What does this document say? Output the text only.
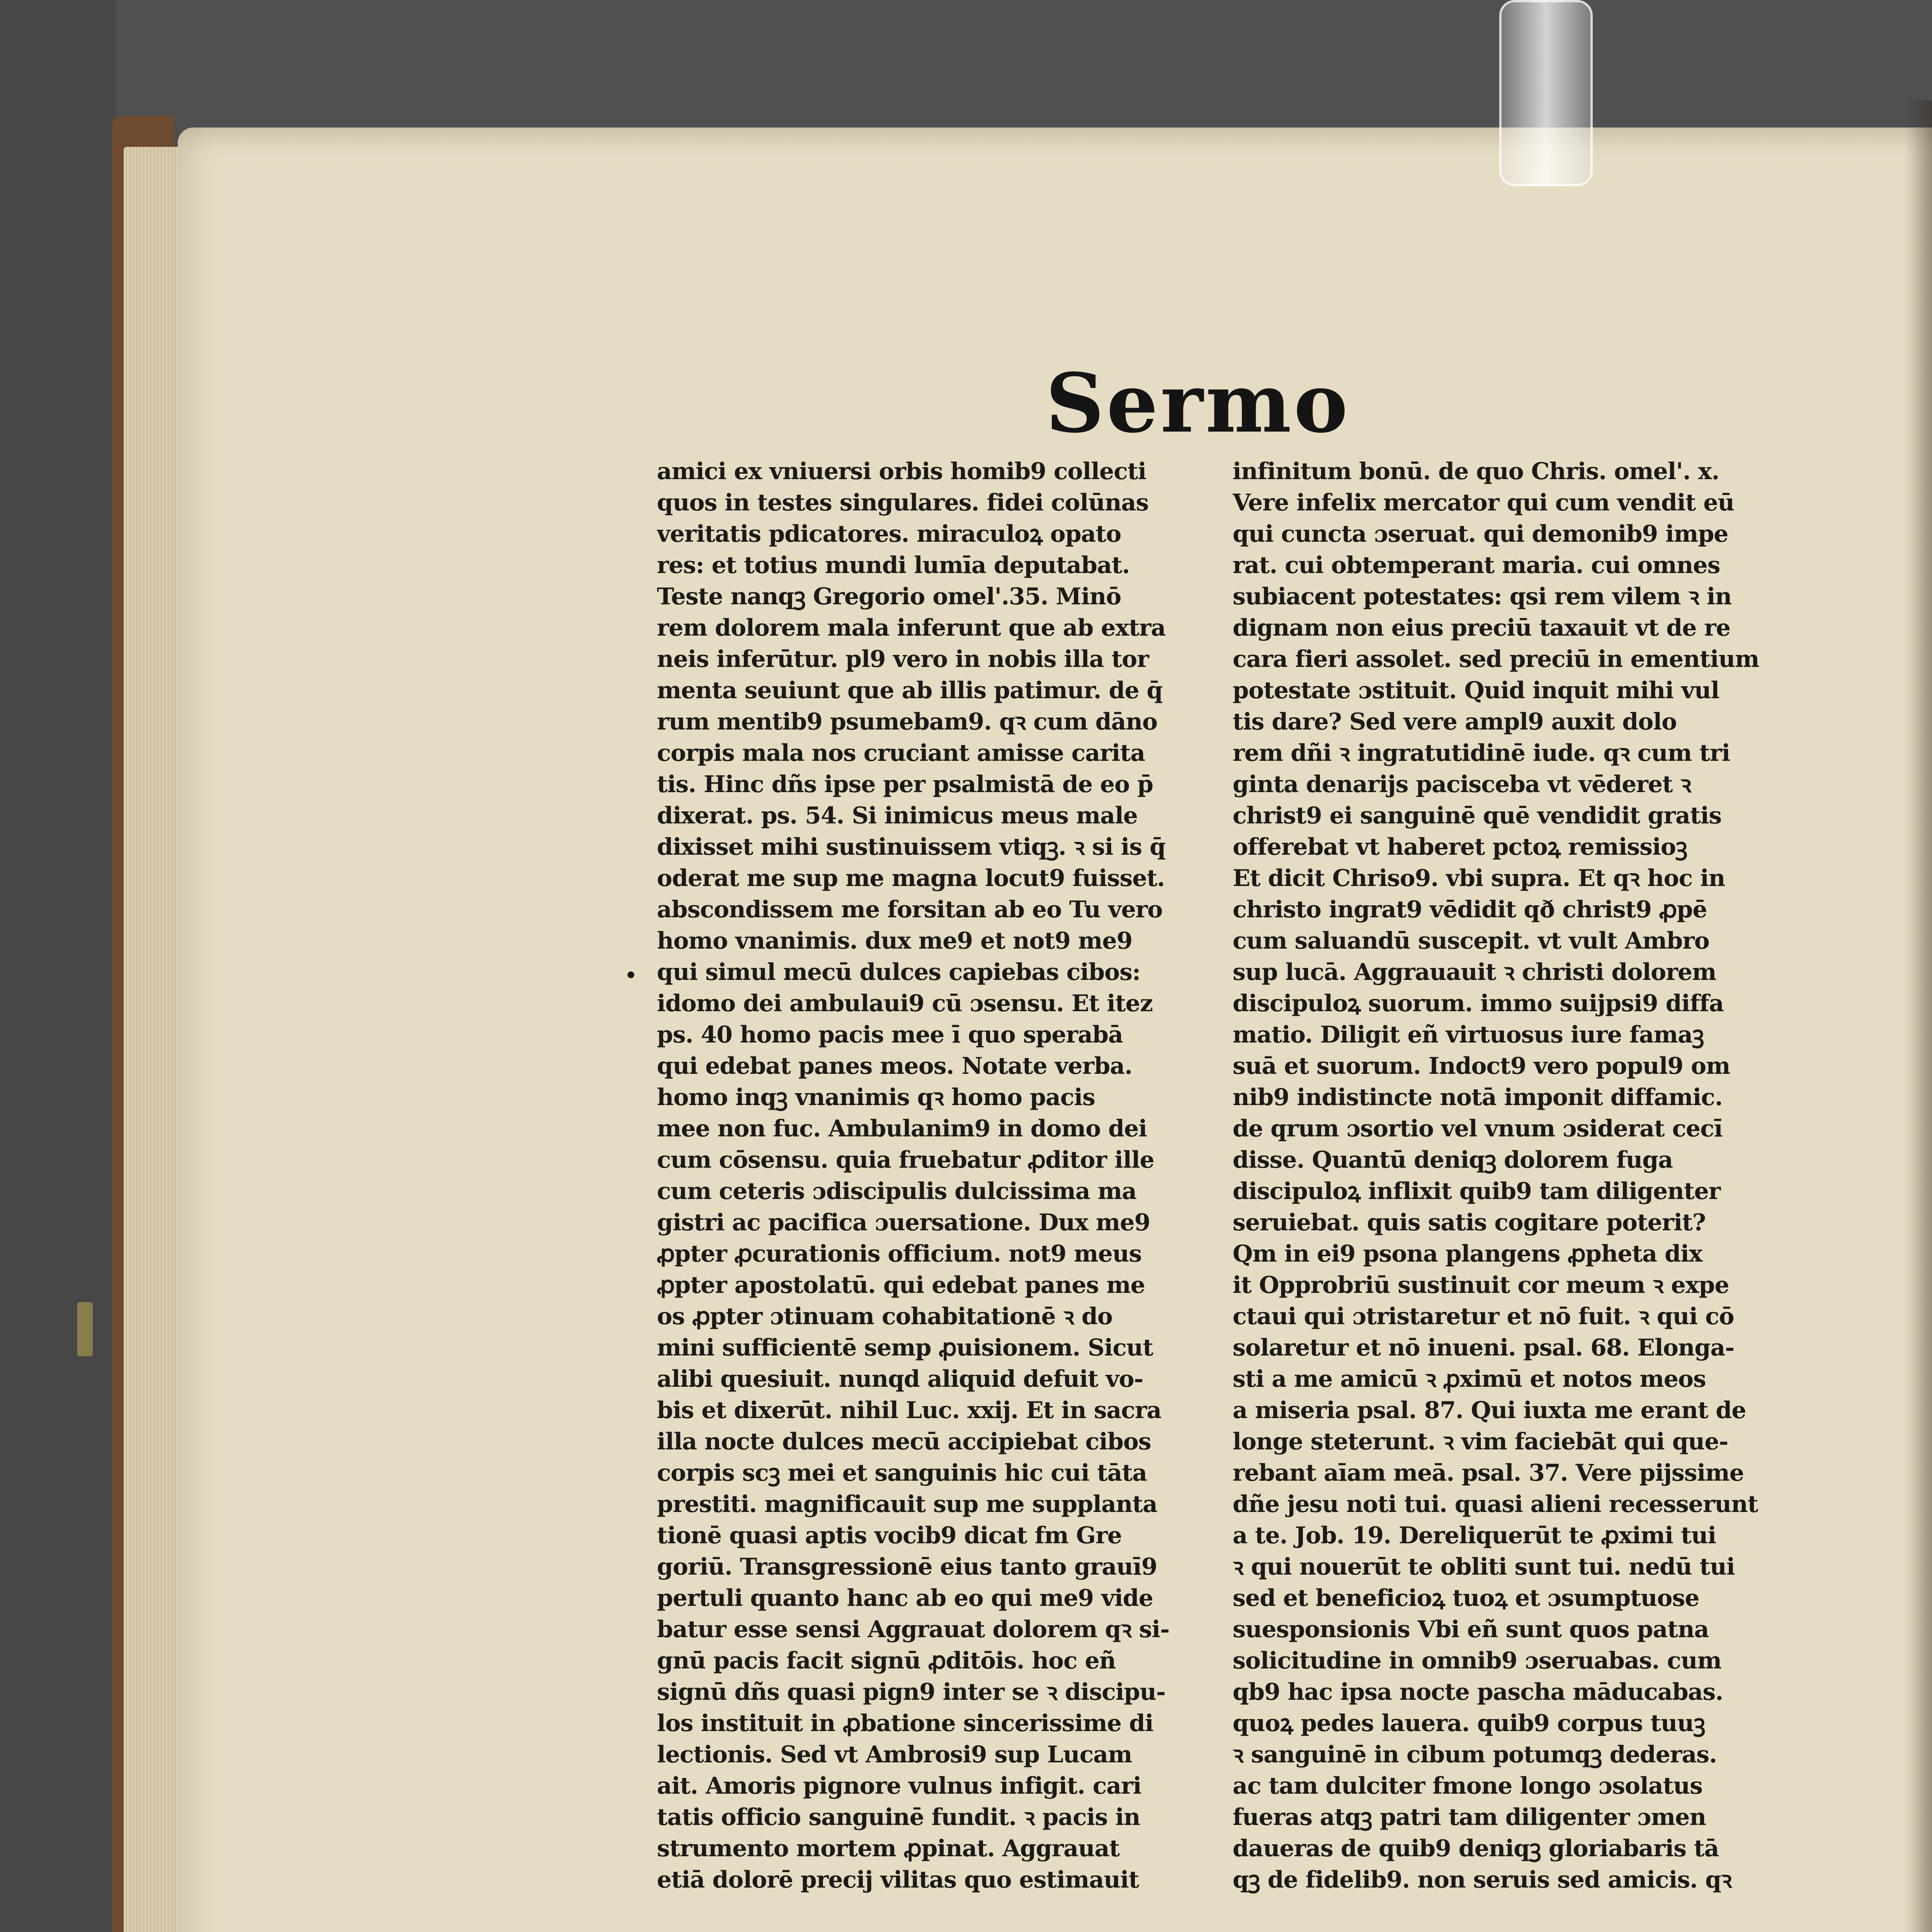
Sermo
•
amici ex vniuersi orbis homib9 collecti
quos in testes singulares. fidei colūnas
veritatis pdicatores. miraculoꝝ opato
res: et totius mundi lumīa deputabat.
Teste nanqꝫ Gregorio omel'.35. Minō
rem dolorem mala inferunt que ab extra
neis inferūtur. pl9 vero in nobis illa tor
menta seuiunt que ab illis patimur. de q̄
rum mentib9 psumebam9. qꝛ cum dāno
corpis mala nos cruciant amisse carita
tis. Hinc dñs ipse per psalmistā de eo p̄
dixerat. ps. 54. Si inimicus meus male
dixisset mihi sustinuissem vtiqꝫ. ꝛ si is q̄
oderat me sup me magna locut9 fuisset.
abscondissem me forsitan ab eo Tu vero
homo vnanimis. dux me9 et not9 me9
qui simul mecū dulces capiebas cibos:
idomo dei ambulaui9 cū ɔsensu. Et itez
ps. 40 homo pacis mee ī quo sperabā
qui edebat panes meos. Notate verba.
homo inqꝫ vnanimis qꝛ homo pacis
mee non fuc. Ambulanim9 in domo dei
cum cōsensu. quia fruebatur ꝓditor ille
cum ceteris ɔdiscipulis dulcissima ma
gistri ac pacifica ɔuersatione. Dux me9
ꝓpter ꝓcurationis officium. not9 meus
ꝓpter apostolatū. qui edebat panes me
os ꝓpter ɔtinuam cohabitationē ꝛ do
mini sufficientē semp ꝓuisionem. Sicut
alibi quesiuit. nunqd aliquid defuit vo-
bis et dixerūt. nihil Luc. xxij. Et in sacra
illa nocte dulces mecū accipiebat cibos
corpis scꝫ mei et sanguinis hic cui tāta
prestiti. magnificauit sup me supplanta
tionē quasi aptis vocib9 dicat fm Gre
goriū. Transgressionē eius tanto grauī9
pertuli quanto hanc ab eo qui me9 vide
batur esse sensi Aggrauat dolorem qꝛ si-
gnū pacis facit signū ꝓditōis. hoc eñ
signū dñs quasi pign9 inter se ꝛ discipu-
los instituit in ꝓbatione sincerissime di
lectionis. Sed vt Ambrosi9 sup Lucam
ait. Amoris pignore vulnus infigit. cari
tatis officio sanguinē fundit. ꝛ pacis in
strumento mortem ꝓpinat. Aggrauat
etiā dolorē precij vilitas quo estimauit
infinitum bonū. de quo Chris. omel'. x.
Vere infelix mercator qui cum vendit eū
qui cuncta ɔseruat. qui demonib9 impe
rat. cui obtemperant maria. cui omnes
subiacent potestates: qsi rem vilem ꝛ in
dignam non eius preciū taxauit vt de re
cara fieri assolet. sed preciū in ementium
potestate ɔstituit. Quid inquit mihi vul
tis dare? Sed vere ampl9 auxit dolo
rem dñi ꝛ ingratutidinē iude. qꝛ cum tri
ginta denarijs pacisceba vt vēderet ꝛ
christ9 ei sanguinē quē vendidit gratis
offerebat vt haberet pctoꝝ remissioꝫ
Et dicit Chriso9. vbi supra. Et qꝛ hoc in
christo ingrat9 vēdidit qð christ9 ꝓpē
cum saluandū suscepit. vt vult Ambro
sup lucā. Aggrauauit ꝛ christi dolorem
discipuloꝝ suorum. immo suijpsi9 diffa
matio. Diligit eñ virtuosus iure famaꝫ
suā et suorum. Indoct9 vero popul9 om
nib9 indistincte notā imponit diffamic.
de qrum ɔsortio vel vnum ɔsiderat cecī
disse. Quantū deniqꝫ dolorem fuga
discipuloꝝ inflixit quib9 tam diligenter
seruiebat. quis satis cogitare poterit?
Qm in ei9 psona plangens ꝓpheta dix
it Opprobriū sustinuit cor meum ꝛ expe
ctaui qui ɔtristaretur et nō fuit. ꝛ qui cō
solaretur et nō inueni. psal. 68. Elonga-
sti a me amicū ꝛ ꝓximū et notos meos
a miseria psal. 87. Qui iuxta me erant de
longe steterunt. ꝛ vim faciebāt qui que-
rebant aīam meā. psal. 37. Vere pijssime
dñe jesu noti tui. quasi alieni recesserunt
a te. Job. 19. Dereliquerūt te ꝓximi tui
ꝛ qui nouerūt te obliti sunt tui. nedū tui
sed et beneficioꝝ tuoꝝ et ɔsumptuose
suesponsionis Vbi eñ sunt quos patna
solicitudine in omnib9 ɔseruabas. cum
qb9 hac ipsa nocte pascha māducabas.
quoꝝ pedes lauera. quib9 corpus tuuꝫ
ꝛ sanguinē in cibum potumqꝫ dederas.
ac tam dulciter fmone longo ɔsolatus
fueras atqꝫ patri tam diligenter ɔmen
daueras de quib9 deniqꝫ gloriabaris tā
qꝫ de fidelib9. non seruis sed amicis. qꝛ
